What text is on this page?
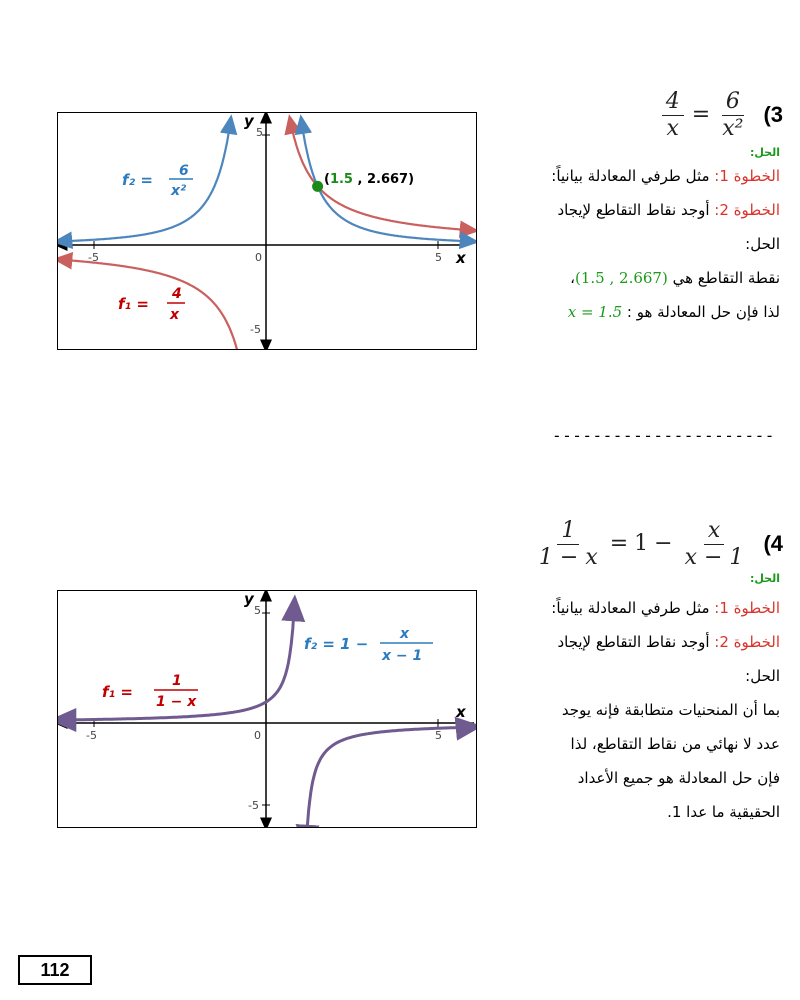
$\frac{4}{x} = \frac{6}{\text{x²}} (3$
الحل:
الخطوة 1: مثل طرفي المعادلة بيانياً:
الخطوة 2: أوجد نقاط التقاطع لإيجاد
الحل:
نقطة التقاطع هي (1.5 , 2.667)،
لذا فإن حل المعادلة هو : x = 1.5
5
-5
-5	5
0
y
x
(1.5 , 2.667)
f₂ = 6
x²
f₁ =
4
x
----------------------
$\frac{1}{1 - x} = 1 - \frac{x}{x - 1} (4$
الحل:
الخطوة 1: مثل طرفي المعادلة بيانياً:
الخطوة 2: أوجد نقاط التقاطع لإيجاد
الحل:
بما أن المنحنيات متطابقة فإنه يوجد
عدد لا نهائي من نقاط التقاطع، لذا
فإن حل المعادلة هو جميع الأعداد
الحقيقية ما عدا 1.
5
-5
-5	5
0
y
x
f₂ = 1 −
x
x − 1
f₁ =
1
1 − x
112
